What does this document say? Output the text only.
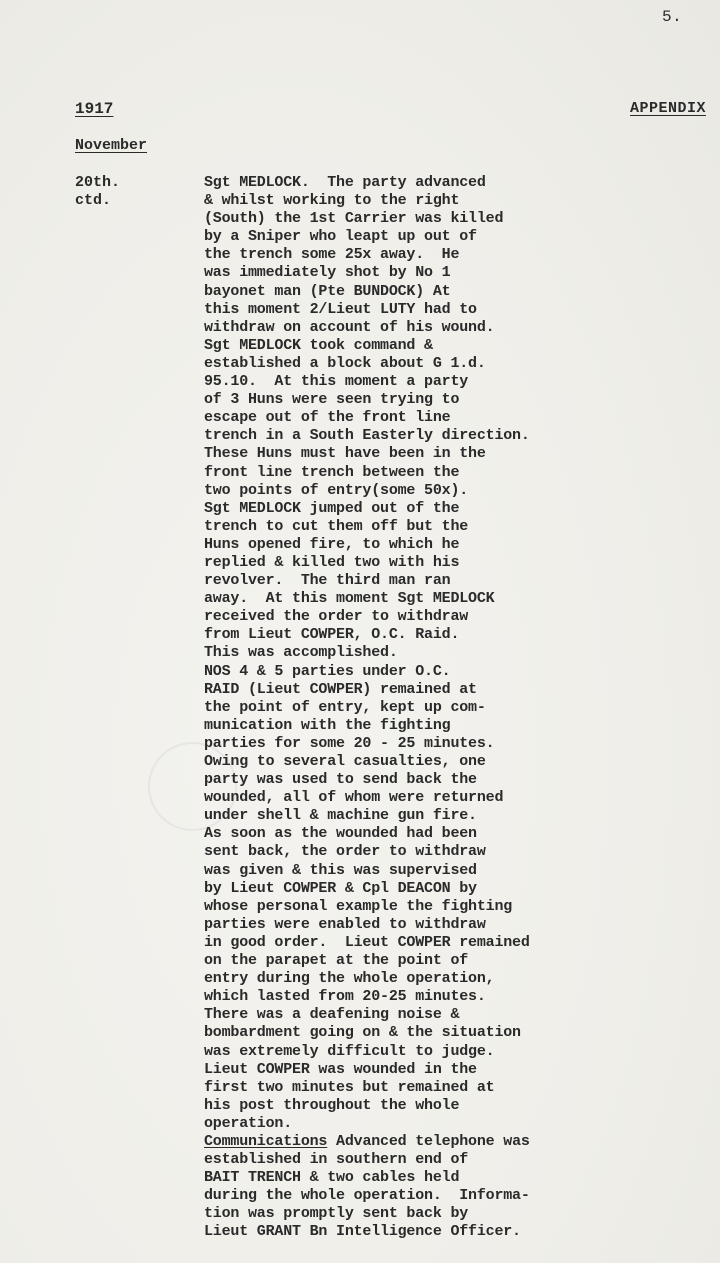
5.

1917	APPENDIX

November

20th.
ctd.
Sgt MEDLOCK.  The party advanced
& whilst working to the right
(South) the 1st Carrier was killed
by a Sniper who leapt up out of
the trench some 25x away.  He
was immediately shot by No 1
bayonet man (Pte BUNDOCK) At
this moment 2/Lieut LUTY had to
withdraw on account of his wound.
Sgt MEDLOCK took command &
established a block about G 1.d.
95.10.  At this moment a party
of 3 Huns were seen trying to
escape out of the front line
trench in a South Easterly direction.
These Huns must have been in the
front line trench between the
two points of entry(some 50x).
Sgt MEDLOCK jumped out of the
trench to cut them off but the
Huns opened fire, to which he
replied & killed two with his
revolver.  The third man ran
away.  At this moment Sgt MEDLOCK
received the order to withdraw
from Lieut COWPER, O.C. Raid.
This was accomplished.
NOS 4 & 5 parties under O.C.
RAID (Lieut COWPER) remained at
the point of entry, kept up com-
munication with the fighting
parties for some 20 - 25 minutes.
Owing to several casualties, one
party was used to send back the
wounded, all of whom were returned
under shell & machine gun fire.
As soon as the wounded had been
sent back, the order to withdraw
was given & this was supervised
by Lieut COWPER & Cpl DEACON by
whose personal example the fighting
parties were enabled to withdraw
in good order.  Lieut COWPER remained
on the parapet at the point of
entry during the whole operation,
which lasted from 20-25 minutes.
There was a deafening noise &
bombardment going on & the situation
was extremely difficult to judge.
Lieut COWPER was wounded in the
first two minutes but remained at
his post throughout the whole
operation.
Communications Advanced telephone was
established in southern end of
BAIT TRENCH & two cables held
during the whole operation.  Informa-
tion was promptly sent back by
Lieut GRANT Bn Intelligence Officer.
